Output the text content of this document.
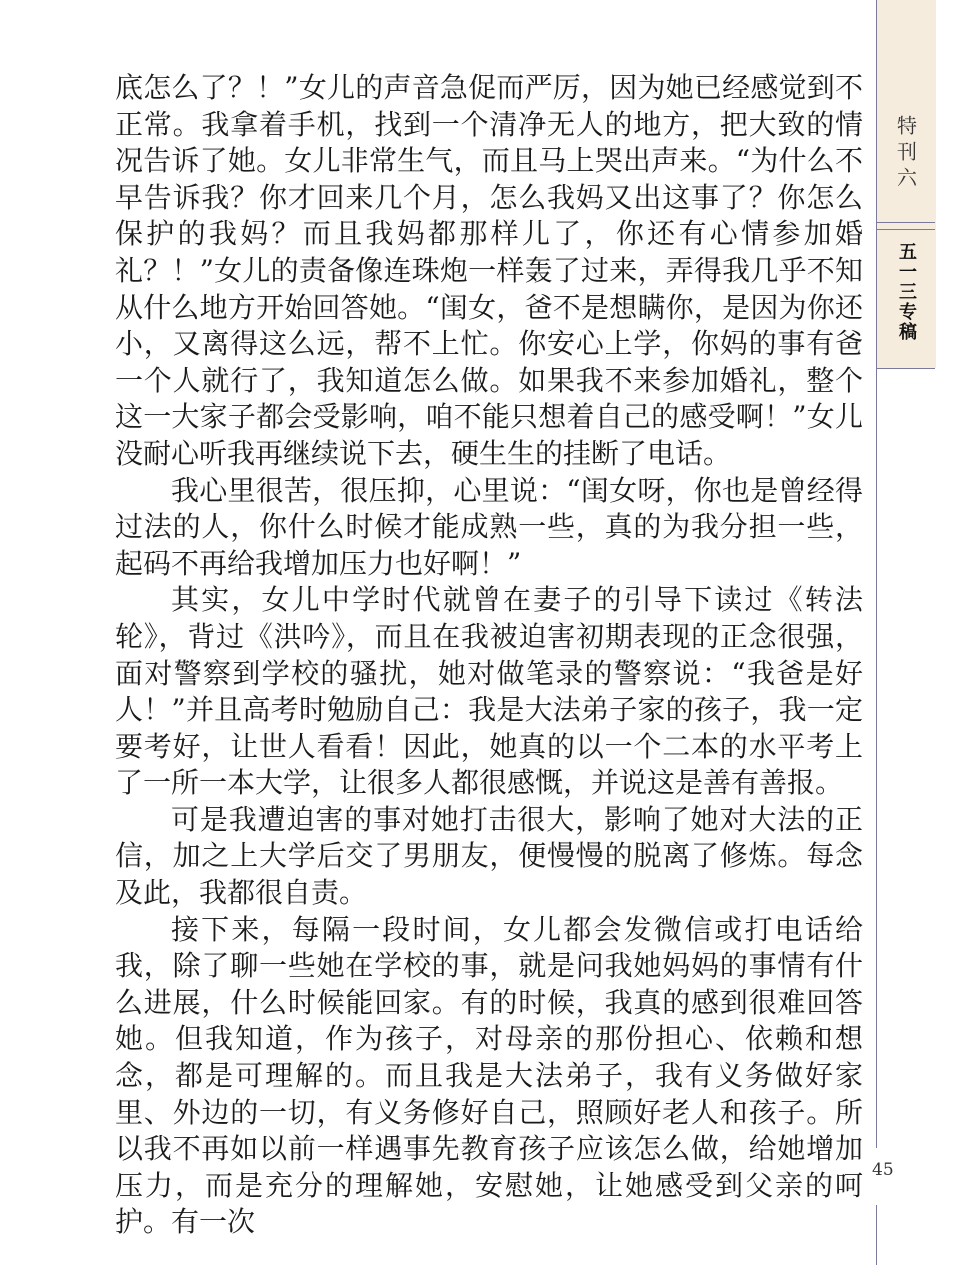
特刊六
五一三专稿

底怎么了？！”女儿的声音急促而严厉，因为她已经感觉到不正常。我拿着手机，找到一个清净无人的地方，把大致的情况告诉了她。女儿非常生气，而且马上哭出声来。“为什么不早告诉我？你才回来几个月，怎么我妈又出这事了？你怎么保护的我妈？而且我妈都那样儿了，你还有心情参加婚礼？！”女儿的责备像连珠炮一样轰了过来，弄得我几乎不知从什么地方开始回答她。“闺女，爸不是想瞒你，是因为你还小，又离得这么远，帮不上忙。你安心上学，你妈的事有爸一个人就行了，我知道怎么做。如果我不来参加婚礼，整个这一大家子都会受影响，咱不能只想着自己的感受啊！”女儿没耐心听我再继续说下去，硬生生的挂断了电话。

我心里很苦，很压抑，心里说：“闺女呀，你也是曾经得过法的人，你什么时候才能成熟一些，真的为我分担一些，起码不再给我增加压力也好啊！”

其实，女儿中学时代就曾在妻子的引导下读过《转法轮》，背过《洪吟》，而且在我被迫害初期表现的正念很强，面对警察到学校的骚扰，她对做笔录的警察说：“我爸是好人！”并且高考时勉励自己：我是大法弟子家的孩子，我一定要考好，让世人看看！因此，她真的以一个二本的水平考上了一所一本大学，让很多人都很感慨，并说这是善有善报。

可是我遭迫害的事对她打击很大，影响了她对大法的正信，加之上大学后交了男朋友，便慢慢的脱离了修炼。每念及此，我都很自责。

接下来，每隔一段时间，女儿都会发微信或打电话给我，除了聊一些她在学校的事，就是问我她妈妈的事情有什么进展，什么时候能回家。有的时候，我真的感到很难回答她。但我知道，作为孩子，对母亲的那份担心、依赖和想念，都是可理解的。而且我是大法弟子，我有义务做好家里、外边的一切，有义务修好自己，照顾好老人和孩子。所以我不再如以前一样遇事先教育孩子应该怎么做，给她增加压力，而是充分的理解她，安慰她，让她感受到父亲的呵护。有一次

45
